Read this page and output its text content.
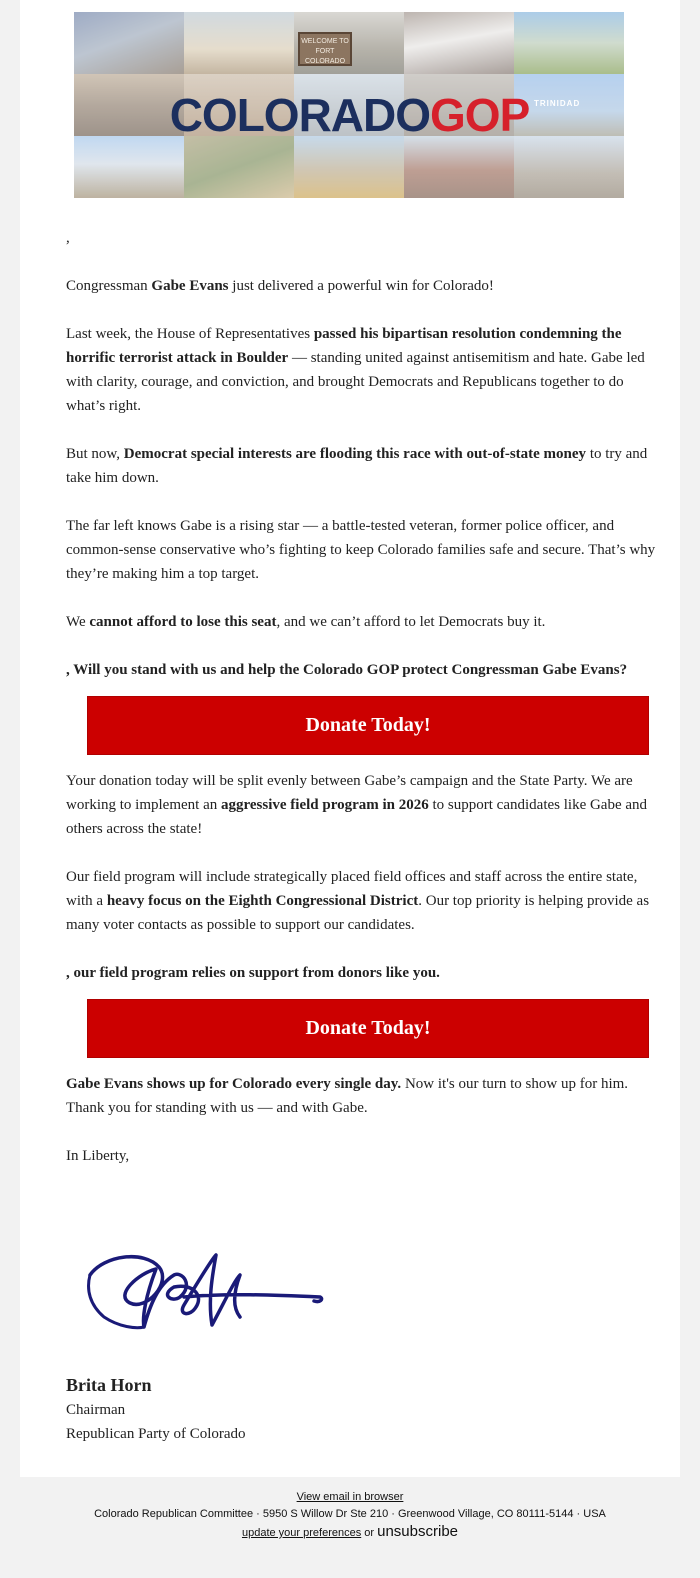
WELCOME TO FORT COLORADO
TRINIDAD
COLORADOGOP

,

Congressman Gabe Evans just delivered a powerful win for Colorado!

Last week, the House of Representatives passed his bipartisan resolution condemning the horrific terrorist attack in Boulder — standing united against antisemitism and hate. Gabe led with clarity, courage, and conviction, and brought Democrats and Republicans together to do what’s right.

But now, Democrat special interests are flooding this race with out-of-state money to try and take him down.

The far left knows Gabe is a rising star — a battle-tested veteran, former police officer, and common-sense conservative who’s fighting to keep Colorado families safe and secure. That’s why they’re making him a top target.

We cannot afford to lose this seat, and we can’t afford to let Democrats buy it.

, Will you stand with us and help the Colorado GOP protect Congressman Gabe Evans?

Donate Today!

Your donation today will be split evenly between Gabe’s campaign and the State Party. We are working to implement an aggressive field program in 2026 to support candidates like Gabe and others across the state!

Our field program will include strategically placed field offices and staff across the entire state, with a heavy focus on the Eighth Congressional District. Our top priority is helping provide as many voter contacts as possible to support our candidates.

, our field program relies on support from donors like you.

Donate Today!

Gabe Evans shows up for Colorado every single day. Now it's our turn to show up for him. Thank you for standing with us — and with Gabe.

In Liberty,

Brita Horn
Chairman
Republican Party of Colorado
View email in browser
Colorado Republican Committee · 5950 S Willow Dr Ste 210 · Greenwood Village, CO 80111-5144 · USA
update your preferences or unsubscribe
